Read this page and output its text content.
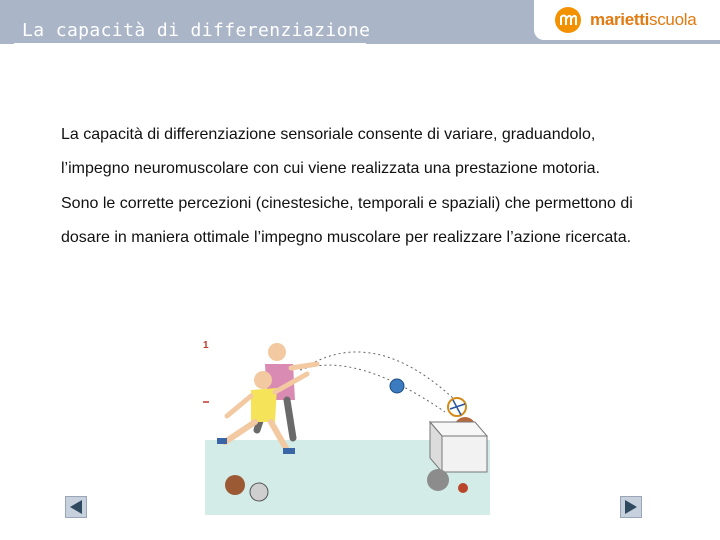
La capacità di differenziazione
mariettiscuola

La capacità di differenziazione sensoriale consente di variare, graduandolo, l’impegno neuromuscolare con cui viene realizzata una prestazione motoria.

Sono le corrette percezioni (cinestesiche, temporali e spaziali) che permettono di dosare in maniera ottimale l’impegno muscolare per realizzare l’azione ricercata.

1
